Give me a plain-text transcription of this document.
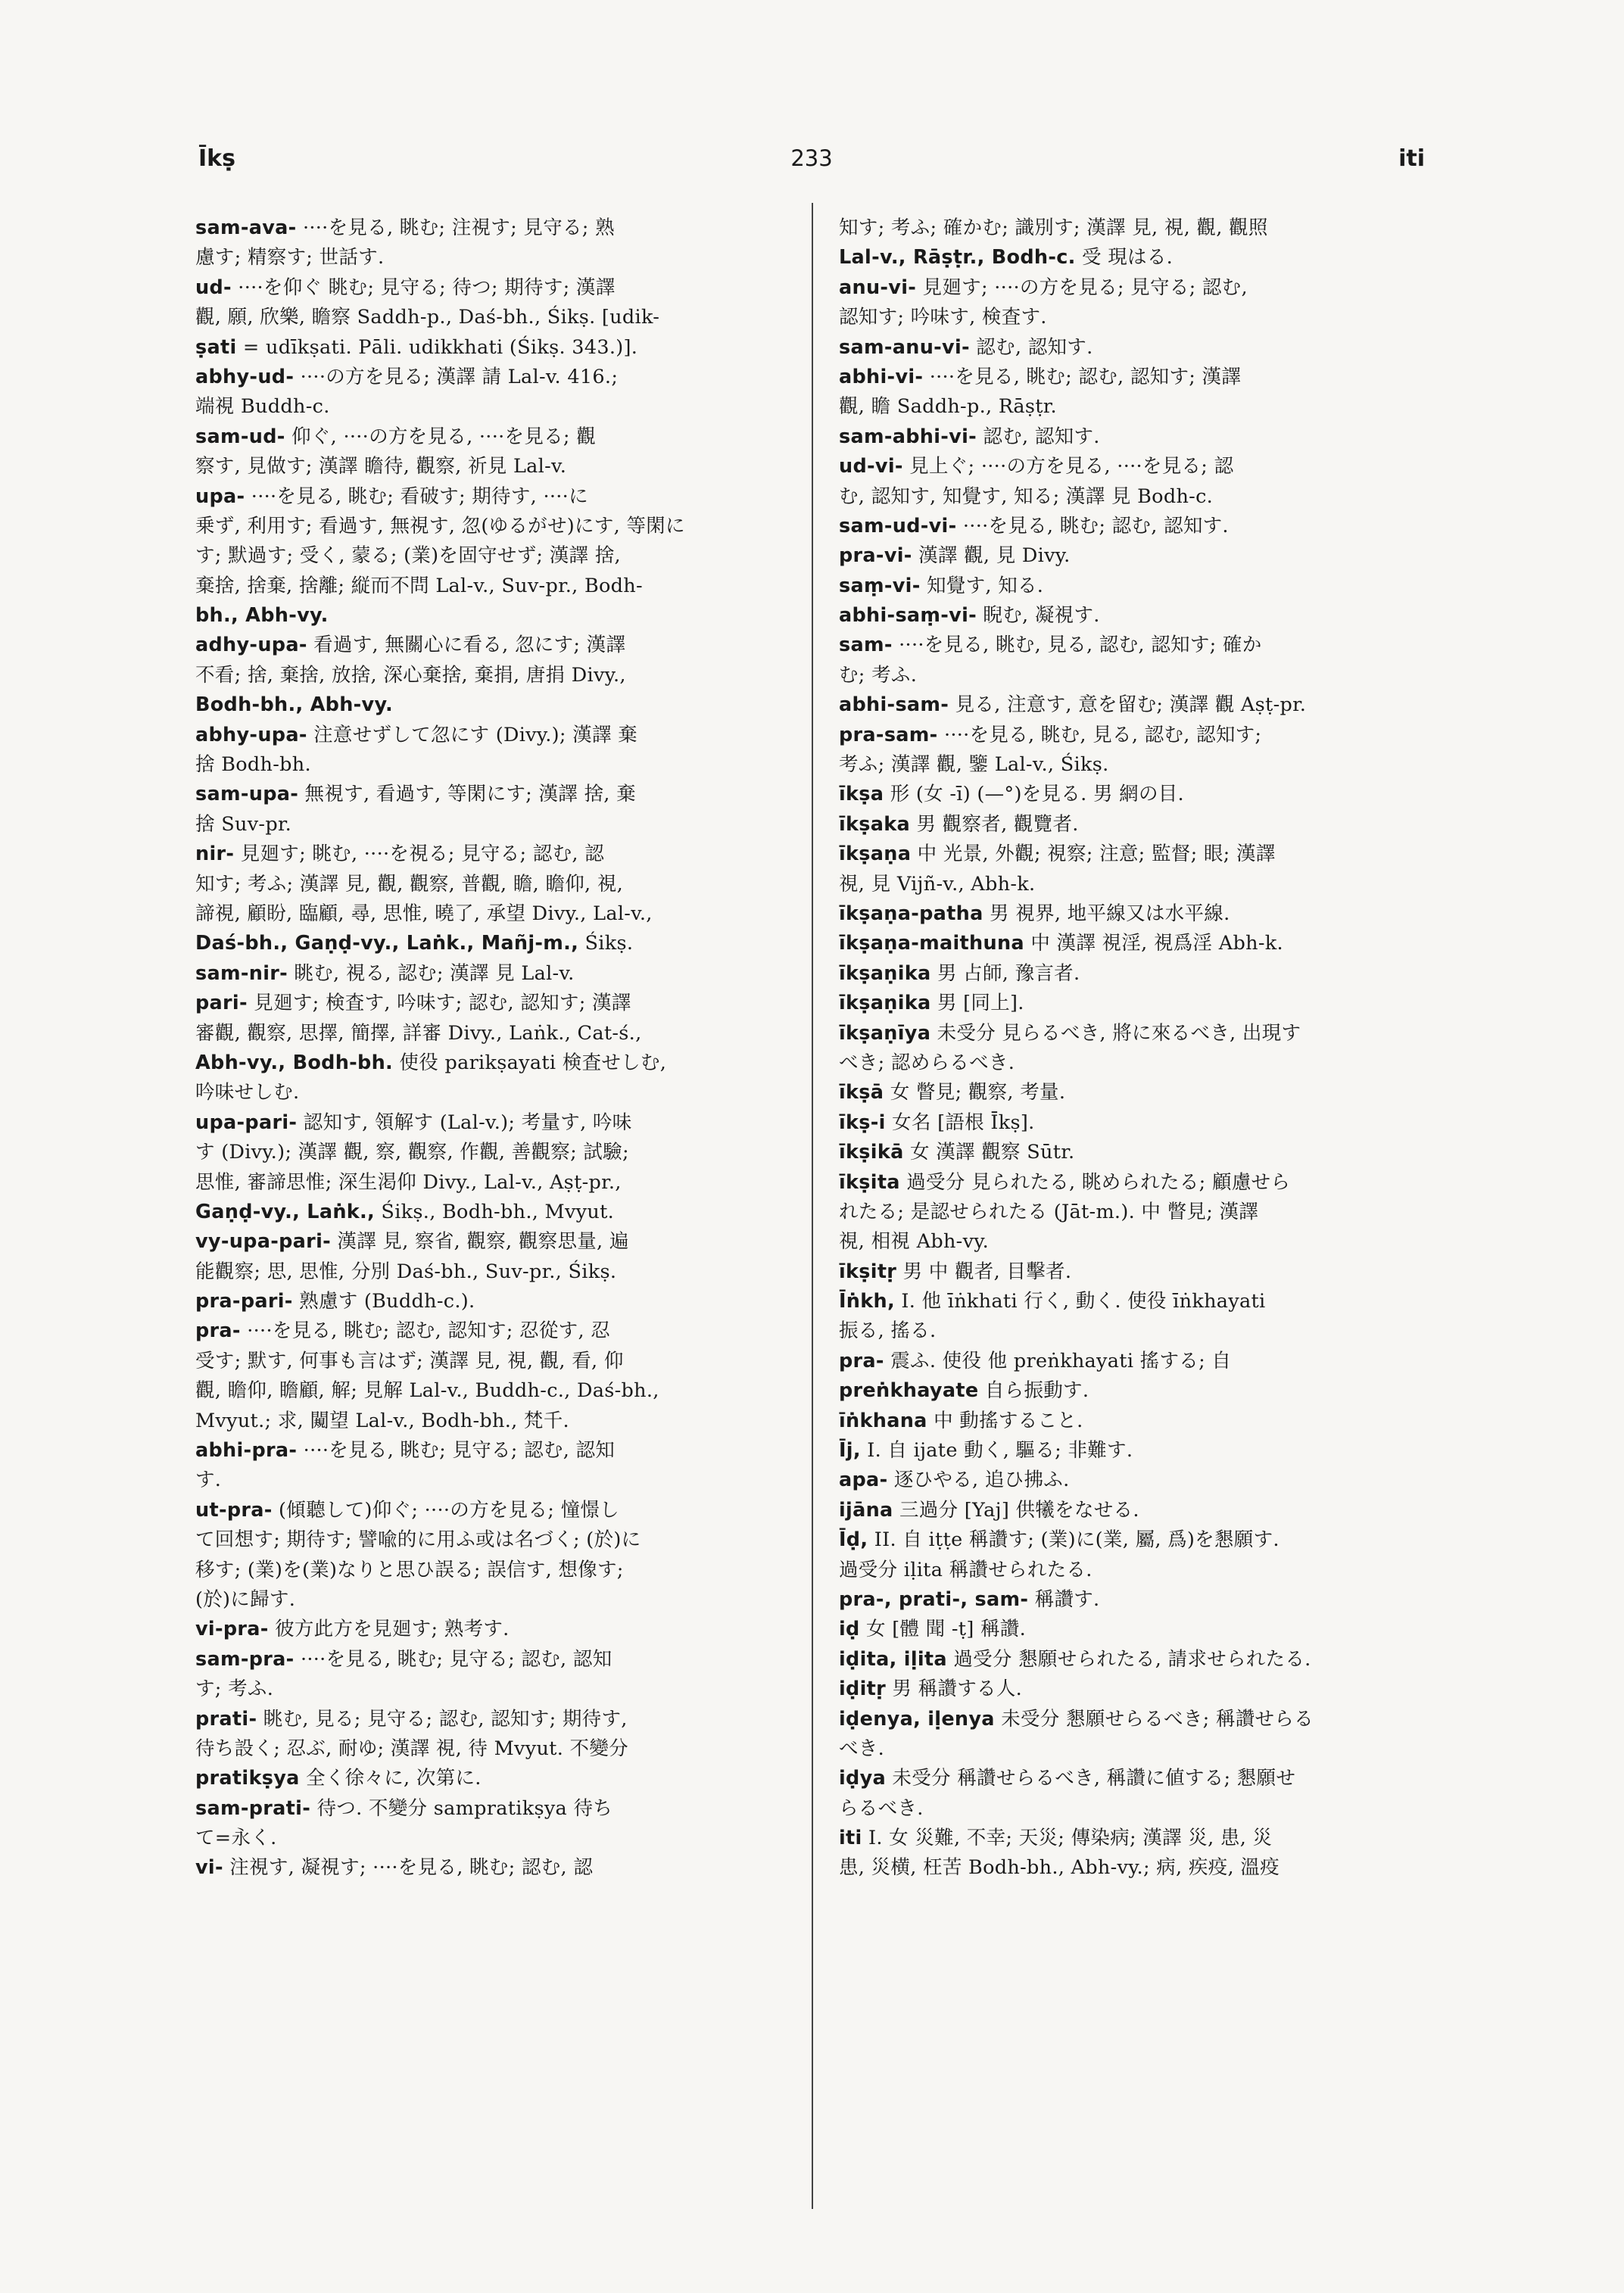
Īkṣ	233	iti
sam-ava- ····を見る, 眺む; 注視す; 見守る; 熟
慮す; 精察す; 世話す.
ud- ····を仰ぐ 眺む; 見守る; 待つ; 期待す; 漢譯
觀, 願, 欣樂, 瞻察 Saddh-p., Daś-bh., Śikṣ. [udik-
ṣati = udīkṣati. Pāli. udikkhati (Śikṣ. 343.)].
abhy-ud- ····の方を見る; 漢譯 請 Lal-v. 416.;
端視 Buddh-c.
sam-ud- 仰ぐ, ····の方を見る, ····を見る; 觀
察す, 見做す; 漢譯 瞻待, 觀察, 祈見 Lal-v.
upa- ····を見る, 眺む; 看破す; 期待す, ····に
乗ず, 利用す; 看過す, 無視す, 忽(ゆるがせ)にす, 等閑に
す; 默過す; 受く, 蒙る; (業)を固守せず; 漢譯 捨,
棄捨, 捨棄, 捨離; 縦而不問 Lal-v., Suv-pr., Bodh-
bh., Abh-vy.
adhy-upa- 看過す, 無關心に看る, 忽にす; 漢譯
不看; 捨, 棄捨, 放捨, 深心棄捨, 棄捐, 唐捐 Divy.,
Bodh-bh., Abh-vy.
abhy-upa- 注意せずして忽にす (Divy.); 漢譯 棄
捨 Bodh-bh.
sam-upa- 無視す, 看過す, 等閑にす; 漢譯 捨, 棄
捨 Suv-pr.
nir- 見廻す; 眺む, ····を視る; 見守る; 認む, 認
知す; 考ふ; 漢譯 見, 觀, 觀察, 普觀, 瞻, 瞻仰, 視,
諦視, 顧盼, 臨顧, 尋, 思惟, 曉了, 承望 Divy., Lal-v.,
Daś-bh., Gaṇḍ-vy., Laṅk., Mañj-m., Śikṣ.
sam-nir- 眺む, 視る, 認む; 漢譯 見 Lal-v.
pari- 見廻す; 検査す, 吟味す; 認む, 認知す; 漢譯
審觀, 觀察, 思擇, 簡擇, 詳審 Divy., Laṅk., Cat-ś.,
Abh-vy., Bodh-bh. 使役 parikṣayati 検査せしむ,
吟味せしむ.
upa-pari- 認知す, 領解す (Lal-v.); 考量す, 吟味
す (Divy.); 漢譯 觀, 察, 觀察, 作觀, 善觀察; 試驗;
思惟, 審諦思惟; 深生渇仰 Divy., Lal-v., Aṣṭ-pr.,
Gaṇḍ-vy., Laṅk., Śikṣ., Bodh-bh., Mvyut.
vy-upa-pari- 漢譯 見, 察省, 觀察, 觀察思量, 遍
能觀察; 思, 思惟, 分別 Daś-bh., Suv-pr., Śikṣ.
pra-pari- 熟慮す (Buddh-c.).
pra- ····を見る, 眺む; 認む, 認知す; 忍從す, 忍
受す; 默す, 何事も言はず; 漢譯 見, 視, 觀, 看, 仰
觀, 瞻仰, 瞻顧, 解; 見解 Lal-v., Buddh-c., Daś-bh.,
Mvyut.; 求, 闚望 Lal-v., Bodh-bh., 梵千.
abhi-pra- ····を見る, 眺む; 見守る; 認む, 認知
す.
ut-pra- (傾聽して)仰ぐ; ····の方を見る; 憧憬し
て回想す; 期待す; 譬喩的に用ふ或は名づく; (於)に
移す; (業)を(業)なりと思ひ誤る; 誤信す, 想像す;
(於)に歸す.
vi-pra- 彼方此方を見廻す; 熟考す.
sam-pra- ····を見る, 眺む; 見守る; 認む, 認知
す; 考ふ.
prati- 眺む, 見る; 見守る; 認む, 認知す; 期待す,
待ち設く; 忍ぶ, 耐ゆ; 漢譯 視, 待 Mvyut. 不變分
pratikṣya 全く徐々に, 次第に.
sam-prati- 待つ. 不變分 sampratikṣya 待ち
て=永く.
vi- 注視す, 凝視す; ····を見る, 眺む; 認む, 認
知す; 考ふ; 確かむ; 識別す; 漢譯 見, 視, 觀, 觀照
Lal-v., Rāṣṭr., Bodh-c. 受 現はる.
anu-vi- 見廻す; ····の方を見る; 見守る; 認む,
認知す; 吟味す, 検査す.
sam-anu-vi- 認む, 認知す.
abhi-vi- ····を見る, 眺む; 認む, 認知す; 漢譯
觀, 瞻 Saddh-p., Rāṣṭr.
sam-abhi-vi- 認む, 認知す.
ud-vi- 見上ぐ; ····の方を見る, ····を見る; 認
む, 認知す, 知覺す, 知る; 漢譯 見 Bodh-c.
sam-ud-vi- ····を見る, 眺む; 認む, 認知す.
pra-vi- 漢譯 觀, 見 Divy.
saṃ-vi- 知覺す, 知る.
abhi-saṃ-vi- 睨む, 凝視す.
sam- ····を見る, 眺む, 見る, 認む, 認知す; 確か
む; 考ふ.
abhi-sam- 見る, 注意す, 意を留む; 漢譯 觀 Aṣṭ-pr.
pra-sam- ····を見る, 眺む, 見る, 認む, 認知す;
考ふ; 漢譯 觀, 鑒 Lal-v., Śikṣ.
īkṣa 形 (女 -ī) (—°)を見る. 男 網の目.
īkṣaka 男 觀察者, 觀覽者.
īkṣaṇa 中 光景, 外觀; 視察; 注意; 監督; 眼; 漢譯
視, 見 Vijñ-v., Abh-k.
īkṣaṇa-patha 男 視界, 地平線又は水平線.
īkṣaṇa-maithuna 中 漢譯 視淫, 視爲淫 Abh-k.
īkṣaṇika 男 占師, 豫言者.
īkṣaṇika 男 [同上].
īkṣaṇīya 未受分 見らるべき, 將に來るべき, 出現す
べき; 認めらるべき.
īkṣā 女 瞥見; 觀察, 考量.
īkṣ-i 女名 [語根 Īkṣ].
īkṣikā 女 漢譯 觀察 Sūtr.
īkṣita 過受分 見られたる, 眺められたる; 顧慮せら
れたる; 是認せられたる (Jāt-m.). 中 瞥見; 漢譯
視, 相視 Abh-vy.
īkṣitṛ 男 中 觀者, 目擊者.
Īṅkh, I. 他 īṅkhati 行く, 動く. 使役 īṅkhayati
振る, 搖る.
pra- 震ふ. 使役 他 preṅkhayati 搖する; 自
preṅkhayate 自ら振動す.
īṅkhana 中 動搖すること.
Īj, I. 自 ijate 動く, 驅る; 非難す.
apa- 逐ひやる, 追ひ拂ふ.
ijāna 三過分 [Yaj] 供犧をなせる.
Īḍ, II. 自 iṭṭe 稱讚す; (業)に(業, 屬, 爲)を懇願す.
過受分 iḷita 稱讚せられたる.
pra-, prati-, sam- 稱讚す.
iḍ 女 [體 聞 -ṭ] 稱讚.
iḍita, iḷita 過受分 懇願せられたる, 請求せられたる.
iḍitṛ 男 稱讚する人.
iḍenya, iḷenya 未受分 懇願せらるべき; 稱讚せらる
べき.
iḍya 未受分 稱讚せらるべき, 稱讚に値する; 懇願せ
らるべき.
iti I. 女 災難, 不幸; 天災; 傳染病; 漢譯 災, 患, 災
患, 災横, 枉苦 Bodh-bh., Abh-vy.; 病, 疾疫, 溫疫
